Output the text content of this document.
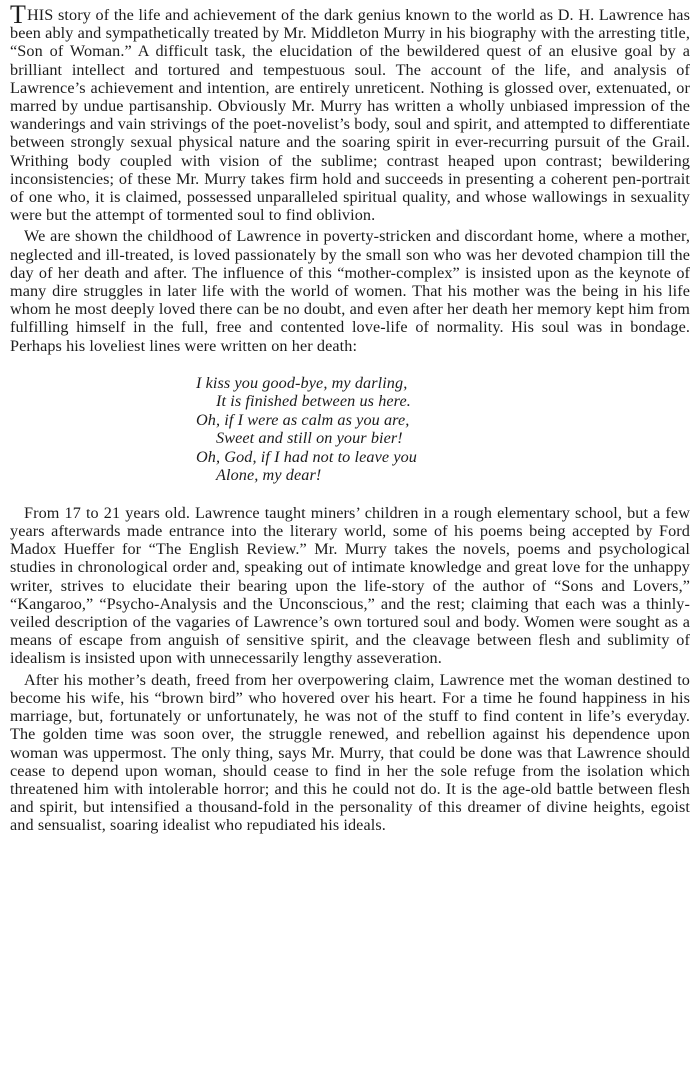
THIS story of the life and achievement of the dark genius known to the world as D. H. Lawrence has been ably and sympathetically treated by Mr. Middleton Murry in his biography with the arresting title, “Son of Woman.” A difficult task, the elucidation of the bewildered quest of an elusive goal by a brilliant intellect and tortured and tempestuous soul. The account of the life, and analysis of Lawrence’s achievement and intention, are entirely unreticent. Nothing is glossed over, extenuated, or marred by undue partisanship. Obviously Mr. Murry has written a wholly unbiased impression of the wanderings and vain strivings of the poet-novelist’s body, soul and spirit, and attempted to differentiate between strongly sexual physical nature and the soaring spirit in ever-recurring pursuit of the Grail. Writhing body coupled with vision of the sublime; contrast heaped upon contrast; bewildering inconsistencies; of these Mr. Murry takes firm hold and succeeds in presenting a coherent pen-portrait of one who, it is claimed, possessed unparalleled spiritual quality, and whose wallowings in sexuality were but the attempt of tormented soul to find oblivion.

We are shown the childhood of Lawrence in poverty-stricken and discordant home, where a mother, neglected and ill-treated, is loved passionately by the small son who was her devoted champion till the day of her death and after. The influence of this “mother-complex” is insisted upon as the keynote of many dire struggles in later life with the world of women. That his mother was the being in his life whom he most deeply loved there can be no doubt, and even after her death her memory kept him from fulfilling himself in the full, free and contented love-life of normality. His soul was in bondage. Perhaps his loveliest lines were written on her death:

I kiss you good-bye, my darling,
It is finished between us here.
Oh, if I were as calm as you are,
Sweet and still on your bier!
Oh, God, if I had not to leave you
Alone, my dear!

From 17 to 21 years old. Lawrence taught miners’ children in a rough elementary school, but a few years afterwards made entrance into the literary world, some of his poems being accepted by Ford Madox Hueffer for “The English Review.” Mr. Murry takes the novels, poems and psychological studies in chronological order and, speaking out of intimate knowledge and great love for the unhappy writer, strives to elucidate their bearing upon the life-story of the author of “Sons and Lovers,” “Kangaroo,” “Psycho-Analysis and the Unconscious,” and the rest; claiming that each was a thinly-veiled description of the vagaries of Lawrence’s own tortured soul and body. Women were sought as a means of escape from anguish of sensitive spirit, and the cleavage between flesh and sublimity of idealism is insisted upon with unnecessarily lengthy asseveration.

After his mother’s death, freed from her overpowering claim, Lawrence met the woman destined to become his wife, his “brown bird” who hovered over his heart. For a time he found happiness in his marriage, but, fortunately or unfortunately, he was not of the stuff to find content in life’s everyday. The golden time was soon over, the struggle renewed, and rebellion against his dependence upon woman was uppermost. The only thing, says Mr. Murry, that could be done was that Lawrence should cease to depend upon woman, should cease to find in her the sole refuge from the isolation which threatened him with intolerable horror; and this he could not do. It is the age-old battle between flesh and spirit, but intensified a thousand-fold in the personality of this dreamer of divine heights, egoist and sensualist, soaring idealist who repudiated his ideals.
